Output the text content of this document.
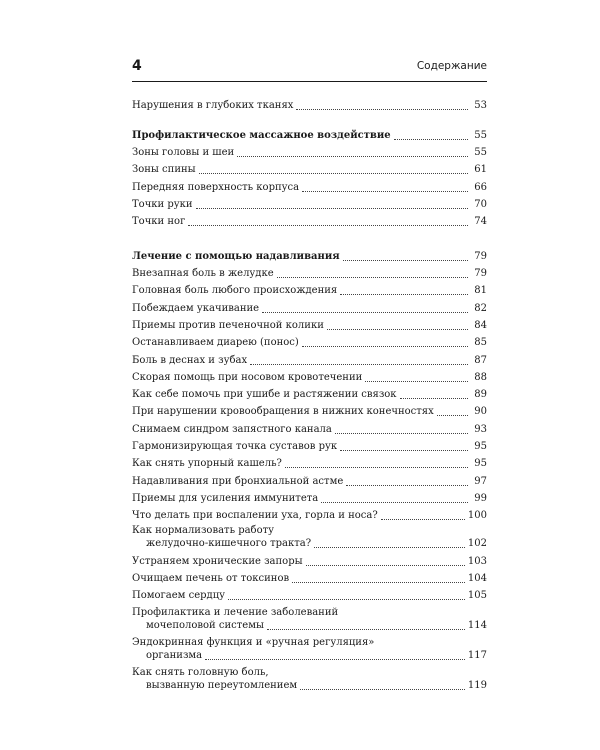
4	Содержание
Нарушения в глубоких тканях	53
Профилактическое массажное воздействие	55
Зоны головы и шеи	55
Зоны спины	61
Передняя поверхность корпуса	66
Точки руки	70
Точки ног	74
Лечение с помощью надавливания	79
Внезапная боль в желудке	79
Головная боль любого происхождения	81
Побеждаем укачивание	82
Приемы против печеночной колики	84
Останавливаем диарею (понос)	85
Боль в деснах и зубах	87
Скорая помощь при носовом кровотечении	88
Как себе помочь при ушибе и растяжении связок	89
При нарушении кровообращения в нижних конечностях	90
Снимаем синдром запястного канала	93
Гармонизирующая точка суставов рук	95
Как снять упорный кашель?	95
Надавливания при бронхиальной астме	97
Приемы для усиления иммунитета	99
Что делать при воспалении уха, горла и носа?	100
Как нормализовать работу
желудочно-кишечного тракта?	102
Устраняем хронические запоры	103
Очищаем печень от токсинов	104
Помогаем сердцу	105
Профилактика и лечение заболеваний
мочеполовой системы	114
Эндокринная функция и «ручная регуляция»
организма	117
Как снять головную боль,
вызванную переутомлением	119
